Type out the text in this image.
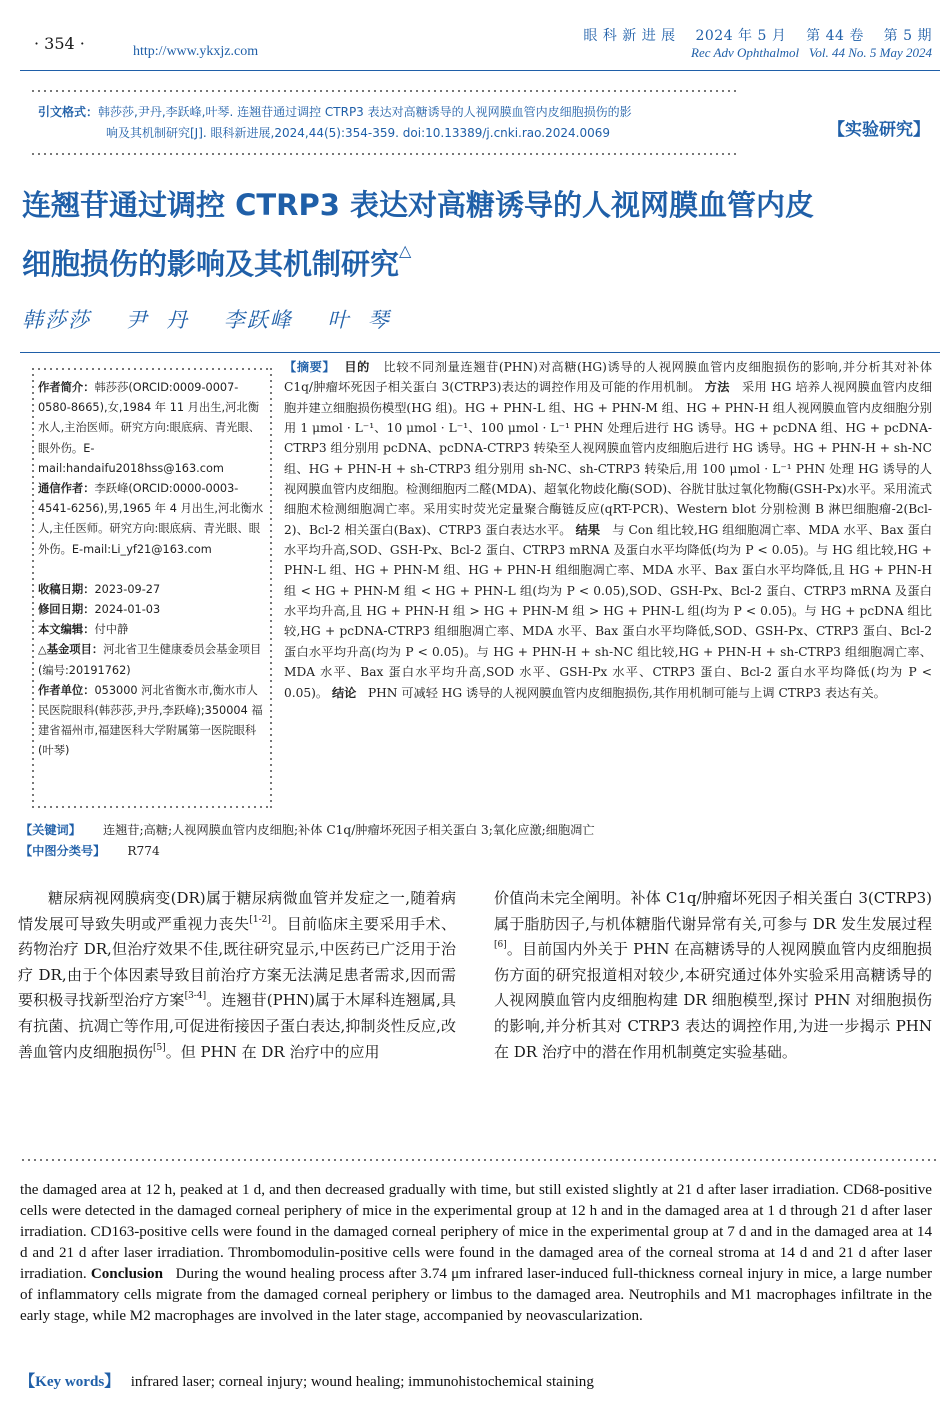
· 354 ·	http://www.ykxjz.com
眼 科 新 进 展    2024 年 5 月    第 44 卷    第 5 期
Rec Adv Ophthalmol   Vol. 44 No. 5 May 2024
引文格式：韩莎莎,尹丹,李跃峰,叶琴. 连翘苷通过调控 CTRP3 表达对高糖诱导的人视网膜血管内皮细胞损伤的影
响及其机制研究[J]. 眼科新进展,2024,44(5):354-359. doi:10.13389/j.cnki.rao.2024.0069	【实验研究】
连翘苷通过调控 CTRP3 表达对高糖诱导的人视网膜血管内皮
细胞损伤的影响及其机制研究△
韩莎莎    尹  丹    李跃峰    叶  琴
作者简介：韩莎莎(ORCID:0009-0007-0580-8665),女,1984 年 11 月出生,河北衡水人,主治医师。研究方向:眼底病、青光眼、眼外伤。E-mail:handaifu2018hss@163.com
通信作者：李跃峰(ORCID:0000-0003-4541-6256),男,1965 年 4 月出生,河北衡水人,主任医师。研究方向:眼底病、青光眼、眼外伤。E-mail:Li_yf21@163.com
收稿日期：2023-09-27
修回日期：2024-01-03
本文编辑：付中静
△基金项目：河北省卫生健康委员会基金项目(编号:20191762)
作者单位：053000 河北省衡水市,衡水市人民医院眼科(韩莎莎,尹丹,李跃峰);350004 福建省福州市,福建医科大学附属第一医院眼科(叶琴)
【摘要】 目的 比较不同剂量连翘苷(PHN)对高糖(HG)诱导的人视网膜血管内皮细胞损伤的影响,并分析其对补体 C1q/肿瘤坏死因子相关蛋白 3(CTRP3)表达的调控作用及可能的作用机制。 方法 采用 HG 培养人视网膜血管内皮细胞并建立细胞损伤模型(HG 组)。HG + PHN-L 组、HG + PHN-M 组、HG + PHN-H 组人视网膜血管内皮细胞分别用 1 μmol · L⁻¹、10 μmol · L⁻¹、100 μmol · L⁻¹ PHN 处理后进行 HG 诱导。HG + pcDNA 组、HG + pcDNA-CTRP3 组分别用 pcDNA、pcDNA-CTRP3 转染至人视网膜血管内皮细胞后进行 HG 诱导。HG + PHN-H + sh-NC 组、HG + PHN-H + sh-CTRP3 组分别用 sh-NC、sh-CTRP3 转染后,用 100 μmol · L⁻¹ PHN 处理 HG 诱导的人视网膜血管内皮细胞。检测细胞丙二醛(MDA)、超氧化物歧化酶(SOD)、谷胱甘肽过氧化物酶(GSH-Px)水平。采用流式细胞术检测细胞凋亡率。采用实时荧光定量聚合酶链反应(qRT-PCR)、Western blot 分别检测 B 淋巴细胞瘤-2(Bcl-2)、Bcl-2 相关蛋白(Bax)、CTRP3 蛋白表达水平。 结果 与 Con 组比较,HG 组细胞凋亡率、MDA 水平、Bax 蛋白水平均升高,SOD、GSH-Px、Bcl-2 蛋白、CTRP3 mRNA 及蛋白水平均降低(均为 P < 0.05)。与 HG 组比较,HG + PHN-L 组、HG + PHN-M 组、HG + PHN-H 组细胞凋亡率、MDA 水平、Bax 蛋白水平均降低,且 HG + PHN-H 组 < HG + PHN-M 组 < HG + PHN-L 组(均为 P < 0.05),SOD、GSH-Px、Bcl-2 蛋白、CTRP3 mRNA 及蛋白水平均升高,且 HG + PHN-H 组 > HG + PHN-M 组 > HG + PHN-L 组(均为 P < 0.05)。与 HG + pcDNA 组比较,HG + pcDNA-CTRP3 组细胞凋亡率、MDA 水平、Bax 蛋白水平均降低,SOD、GSH-Px、CTRP3 蛋白、Bcl-2 蛋白水平均升高(均为 P < 0.05)。与 HG + PHN-H + sh-NC 组比较,HG + PHN-H + sh-CTRP3 组细胞凋亡率、MDA 水平、Bax 蛋白水平均升高,SOD 水平、GSH-Px 水平、CTRP3 蛋白、Bcl-2 蛋白水平均降低(均为 P < 0.05)。 结论 PHN 可减轻 HG 诱导的人视网膜血管内皮细胞损伤,其作用机制可能与上调 CTRP3 表达有关。
【关键词】 连翘苷;高糖;人视网膜血管内皮细胞;补体 C1q/肿瘤坏死因子相关蛋白 3;氧化应激;细胞凋亡
【中图分类号】 R774

糖尿病视网膜病变(DR)属于糖尿病微血管并发症之一,随着病情发展可导致失明或严重视力丧失[1-2]。目前临床主要采用手术、药物治疗 DR,但治疗效果不佳,既往研究显示,中医药已广泛用于治疗 DR,由于个体因素导致目前治疗方案无法满足患者需求,因而需要积极寻找新型治疗方案[3-4]。连翘苷(PHN)属于木犀科连翘属,具有抗菌、抗凋亡等作用,可促进衔接因子蛋白表达,抑制炎性反应,改善血管内皮细胞损伤[5]。但 PHN 在 DR 治疗中的应用

价值尚未完全阐明。补体 C1q/肿瘤坏死因子相关蛋白 3(CTRP3)属于脂肪因子,与机体糖脂代谢异常有关,可参与 DR 发生发展过程[6]。目前国内外关于 PHN 在高糖诱导的人视网膜血管内皮细胞损伤方面的研究报道相对较少,本研究通过体外实验采用高糖诱导的人视网膜血管内皮细胞构建 DR 细胞模型,探讨 PHN 对细胞损伤的影响,并分析其对 CTRP3 表达的调控作用,为进一步揭示 PHN 在 DR 治疗中的潜在作用机制奠定实验基础。
the damaged area at 12 h, peaked at 1 d, and then decreased gradually with time, but still existed slightly at 21 d after laser irradiation. CD68-positive cells were detected in the damaged corneal periphery of mice in the experimental group at 12 h and in the damaged area at 1 d through 21 d after laser irradiation. CD163-positive cells were found in the damaged corneal periphery of mice in the experimental group at 7 d and in the damaged area at 14 d and 21 d after laser irradiation. Thrombomodulin-positive cells were found in the damaged area of the corneal stroma at 14 d and 21 d after laser irradiation. Conclusion During the wound healing process after 3.74 μm infrared laser-induced full-thickness corneal injury in mice, a large number of inflammatory cells migrate from the damaged corneal periphery or limbus to the damaged area. Neutrophils and M1 macrophages infiltrate in the early stage, while M2 macrophages are involved in the later stage, accompanied by neovascularization.
【Key words】 infrared laser; corneal injury; wound healing; immunohistochemical staining
